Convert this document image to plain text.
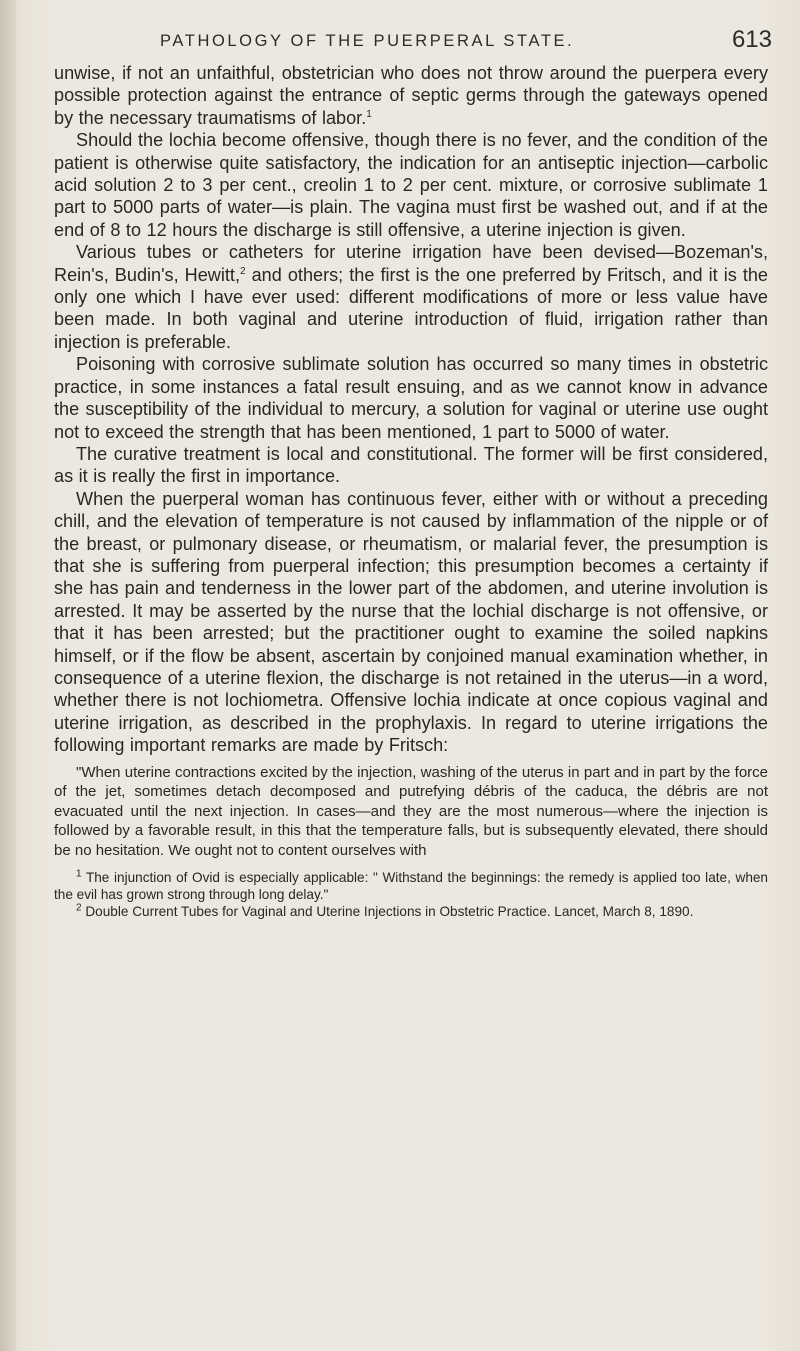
PATHOLOGY OF THE PUERPERAL STATE.	613

unwise, if not an unfaithful, obstetrician who does not throw around the puerpera every possible protection against the entrance of septic germs through the gateways opened by the necessary traumatisms of labor.$^1$

Should the lochia become offensive, though there is no fever, and the condition of the patient is otherwise quite satisfactory, the indication for an antiseptic injection—carbolic acid solution 2 to 3 per cent., creolin 1 to 2 per cent. mixture, or corrosive sublimate 1 part to 5000 parts of water—is plain. The vagina must first be washed out, and if at the end of 8 to 12 hours the discharge is still offensive, a uterine injection is given.

Various tubes or catheters for uterine irrigation have been devised—Bozeman's, Rein's, Budin's, Hewitt,$^2$ and others; the first is the one preferred by Fritsch, and it is the only one which I have ever used: different modifications of more or less value have been made. In both vaginal and uterine introduction of fluid, irrigation rather than injection is preferable.

Poisoning with corrosive sublimate solution has occurred so many times in obstetric practice, in some instances a fatal result ensuing, and as we cannot know in advance the susceptibility of the individual to mercury, a solution for vaginal or uterine use ought not to exceed the strength that has been mentioned, 1 part to 5000 of water.

The curative treatment is local and constitutional. The former will be first considered, as it is really the first in importance.

When the puerperal woman has continuous fever, either with or without a preceding chill, and the elevation of temperature is not caused by inflammation of the nipple or of the breast, or pulmonary disease, or rheumatism, or malarial fever, the presumption is that she is suffering from puerperal infection; this presumption becomes a certainty if she has pain and tenderness in the lower part of the abdomen, and uterine involution is arrested. It may be asserted by the nurse that the lochial discharge is not offensive, or that it has been arrested; but the practitioner ought to examine the soiled napkins himself, or if the flow be absent, ascertain by conjoined manual examination whether, in consequence of a uterine flexion, the discharge is not retained in the uterus—in a word, whether there is not lochiometra. Offensive lochia indicate at once copious vaginal and uterine irrigation, as described in the prophylaxis. In regard to uterine irrigations the following important remarks are made by Fritsch:

"When uterine contractions excited by the injection, washing of the uterus in part and in part by the force of the jet, sometimes detach decomposed and putrefying débris of the caduca, the débris are not evacuated until the next injection. In cases—and they are the most numerous—where the injection is followed by a favorable result, in this that the temperature falls, but is subsequently elevated, there should be no hesitation. We ought not to content ourselves with

$^1$ The injunction of Ovid is especially applicable: " Withstand the beginnings: the remedy is applied too late, when the evil has grown strong through long delay."

$^2$ Double Current Tubes for Vaginal and Uterine Injections in Obstetric Practice. Lancet, March 8, 1890.
